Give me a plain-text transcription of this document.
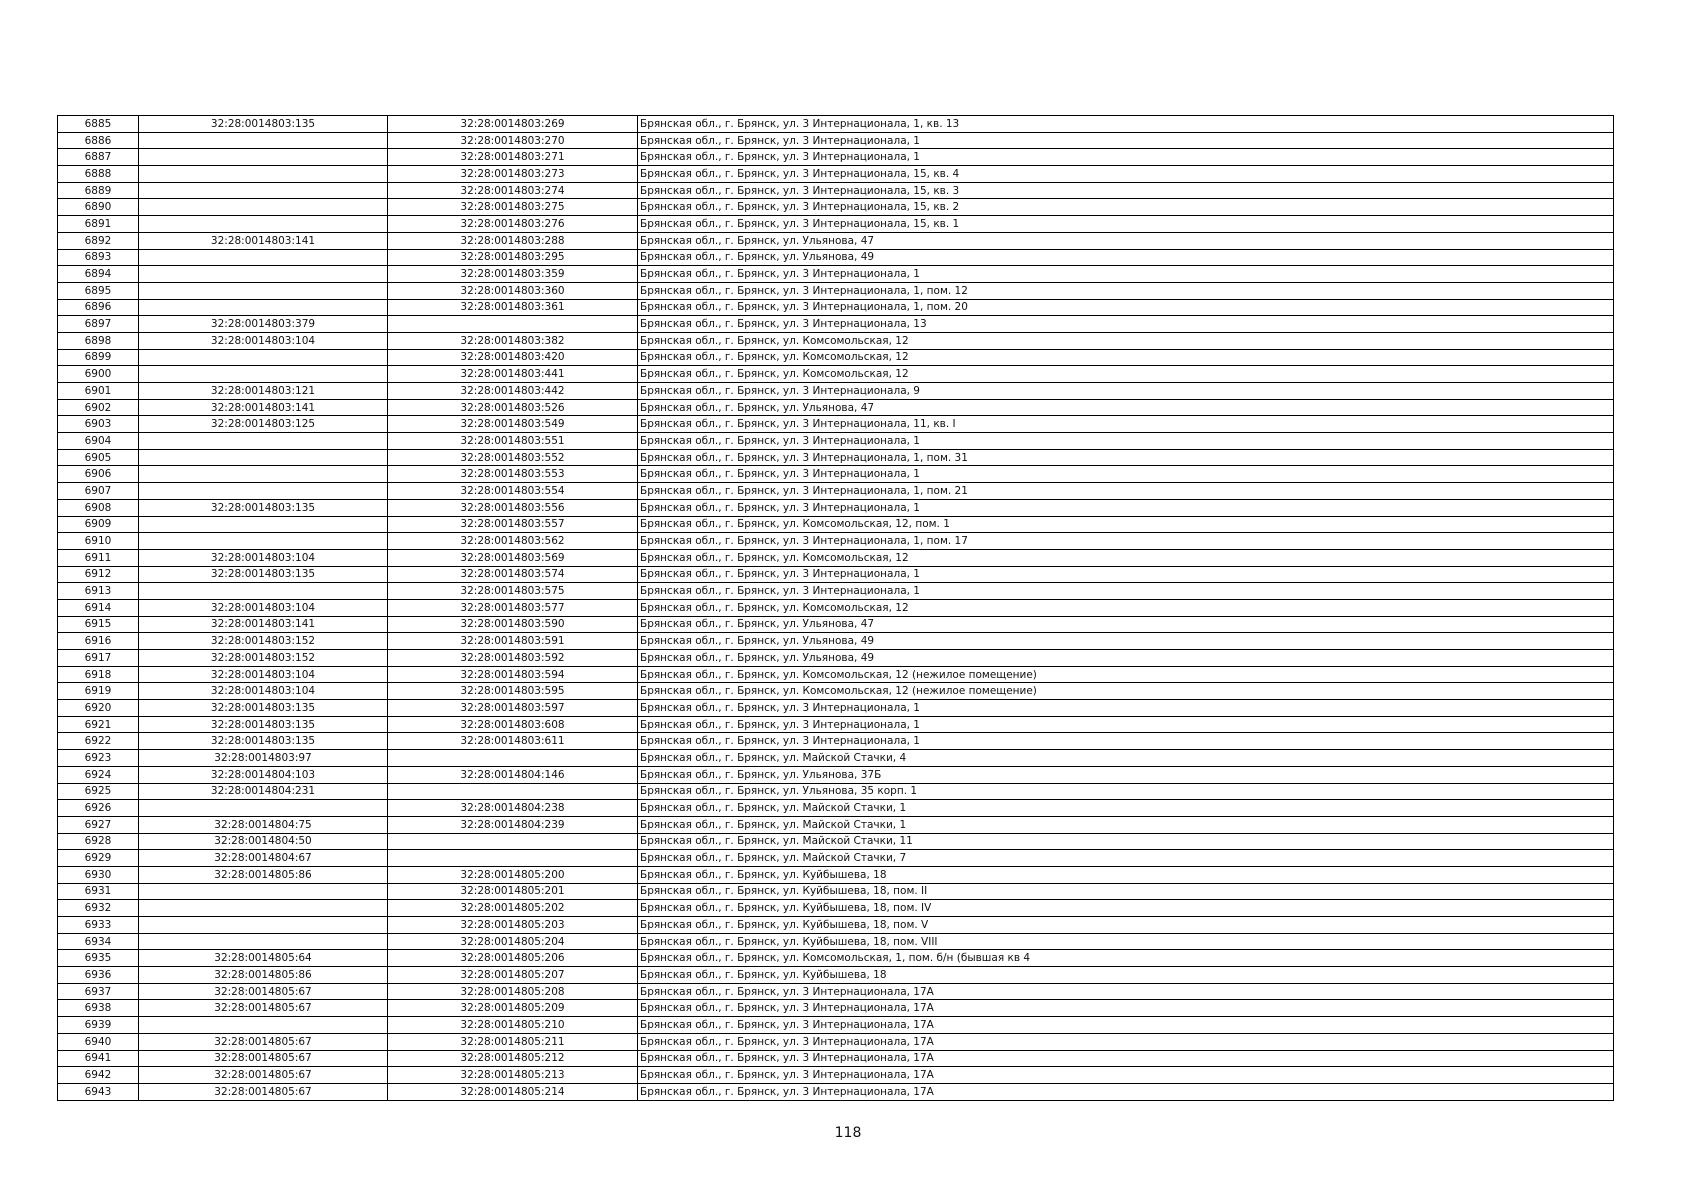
6885	32:28:0014803:135	32:28:0014803:269	Брянская обл., г. Брянск, ул. 3 Интернационала, 1, кв. 13
6886		32:28:0014803:270	Брянская обл., г. Брянск, ул. 3 Интернационала, 1
6887		32:28:0014803:271	Брянская обл., г. Брянск, ул. 3 Интернационала, 1
6888		32:28:0014803:273	Брянская обл., г. Брянск, ул. 3 Интернационала, 15, кв. 4
6889		32:28:0014803:274	Брянская обл., г. Брянск, ул. 3 Интернационала, 15, кв. 3
6890		32:28:0014803:275	Брянская обл., г. Брянск, ул. 3 Интернационала, 15, кв. 2
6891		32:28:0014803:276	Брянская обл., г. Брянск, ул. 3 Интернационала, 15, кв. 1
6892	32:28:0014803:141	32:28:0014803:288	Брянская обл., г. Брянск, ул. Ульянова, 47
6893		32:28:0014803:295	Брянская обл., г. Брянск, ул. Ульянова, 49
6894		32:28:0014803:359	Брянская обл., г. Брянск, ул. 3 Интернационала, 1
6895		32:28:0014803:360	Брянская обл., г. Брянск, ул. 3 Интернационала, 1, пом. 12
6896		32:28:0014803:361	Брянская обл., г. Брянск, ул. 3 Интернационала, 1, пом. 20
6897	32:28:0014803:379		Брянская обл., г. Брянск, ул. 3 Интернационала, 13
6898	32:28:0014803:104	32:28:0014803:382	Брянская обл., г. Брянск, ул. Комсомольская, 12
6899		32:28:0014803:420	Брянская обл., г. Брянск, ул. Комсомольская, 12
6900		32:28:0014803:441	Брянская обл., г. Брянск, ул. Комсомольская, 12
6901	32:28:0014803:121	32:28:0014803:442	Брянская обл., г. Брянск, ул. 3 Интернационала, 9
6902	32:28:0014803:141	32:28:0014803:526	Брянская обл., г. Брянск, ул. Ульянова, 47
6903	32:28:0014803:125	32:28:0014803:549	Брянская обл., г. Брянск, ул. 3 Интернационала, 11, кв. I
6904		32:28:0014803:551	Брянская обл., г. Брянск, ул. 3 Интернационала, 1
6905		32:28:0014803:552	Брянская обл., г. Брянск, ул. 3 Интернационала, 1, пом. 31
6906		32:28:0014803:553	Брянская обл., г. Брянск, ул. 3 Интернационала, 1
6907		32:28:0014803:554	Брянская обл., г. Брянск, ул. 3 Интернационала, 1, пом. 21
6908	32:28:0014803:135	32:28:0014803:556	Брянская обл., г. Брянск, ул. 3 Интернационала, 1
6909		32:28:0014803:557	Брянская обл., г. Брянск, ул. Комсомольская, 12, пом. 1
6910		32:28:0014803:562	Брянская обл., г. Брянск, ул. 3 Интернационала, 1, пом. 17
6911	32:28:0014803:104	32:28:0014803:569	Брянская обл., г. Брянск, ул. Комсомольская, 12
6912	32:28:0014803:135	32:28:0014803:574	Брянская обл., г. Брянск, ул. 3 Интернационала, 1
6913		32:28:0014803:575	Брянская обл., г. Брянск, ул. 3 Интернационала, 1
6914	32:28:0014803:104	32:28:0014803:577	Брянская обл., г. Брянск, ул. Комсомольская, 12
6915	32:28:0014803:141	32:28:0014803:590	Брянская обл., г. Брянск, ул. Ульянова, 47
6916	32:28:0014803:152	32:28:0014803:591	Брянская обл., г. Брянск, ул. Ульянова, 49
6917	32:28:0014803:152	32:28:0014803:592	Брянская обл., г. Брянск, ул. Ульянова, 49
6918	32:28:0014803:104	32:28:0014803:594	Брянская обл., г. Брянск, ул. Комсомольская, 12 (нежилое помещение)
6919	32:28:0014803:104	32:28:0014803:595	Брянская обл., г. Брянск, ул. Комсомольская, 12 (нежилое помещение)
6920	32:28:0014803:135	32:28:0014803:597	Брянская обл., г. Брянск, ул. 3 Интернационала, 1
6921	32:28:0014803:135	32:28:0014803:608	Брянская обл., г. Брянск, ул. 3 Интернационала, 1
6922	32:28:0014803:135	32:28:0014803:611	Брянская обл., г. Брянск, ул. 3 Интернационала, 1
6923	32:28:0014803:97		Брянская обл., г. Брянск, ул. Майской Стачки, 4
6924	32:28:0014804:103	32:28:0014804:146	Брянская обл., г. Брянск, ул. Ульянова, 37Б
6925	32:28:0014804:231		Брянская обл., г. Брянск, ул. Ульянова, 35 корп. 1
6926		32:28:0014804:238	Брянская обл., г. Брянск, ул. Майской Стачки, 1
6927	32:28:0014804:75	32:28:0014804:239	Брянская обл., г. Брянск, ул. Майской Стачки, 1
6928	32:28:0014804:50		Брянская обл., г. Брянск, ул. Майской Стачки, 11
6929	32:28:0014804:67		Брянская обл., г. Брянск, ул. Майской Стачки, 7
6930	32:28:0014805:86	32:28:0014805:200	Брянская обл., г. Брянск, ул. Куйбышева, 18
6931		32:28:0014805:201	Брянская обл., г. Брянск, ул. Куйбышева, 18, пом. II
6932		32:28:0014805:202	Брянская обл., г. Брянск, ул. Куйбышева, 18, пом. IV
6933		32:28:0014805:203	Брянская обл., г. Брянск, ул. Куйбышева, 18, пом. V
6934		32:28:0014805:204	Брянская обл., г. Брянск, ул. Куйбышева, 18, пом. VIII
6935	32:28:0014805:64	32:28:0014805:206	Брянская обл., г. Брянск, ул. Комсомольская, 1, пом. б/н (бывшая кв 4
6936	32:28:0014805:86	32:28:0014805:207	Брянская обл., г. Брянск, ул. Куйбышева, 18
6937	32:28:0014805:67	32:28:0014805:208	Брянская обл., г. Брянск, ул. 3 Интернационала, 17А
6938	32:28:0014805:67	32:28:0014805:209	Брянская обл., г. Брянск, ул. 3 Интернационала, 17А
6939		32:28:0014805:210	Брянская обл., г. Брянск, ул. 3 Интернационала, 17А
6940	32:28:0014805:67	32:28:0014805:211	Брянская обл., г. Брянск, ул. 3 Интернационала, 17А
6941	32:28:0014805:67	32:28:0014805:212	Брянская обл., г. Брянск, ул. 3 Интернационала, 17А
6942	32:28:0014805:67	32:28:0014805:213	Брянская обл., г. Брянск, ул. 3 Интернационала, 17А
6943	32:28:0014805:67	32:28:0014805:214	Брянская обл., г. Брянск, ул. 3 Интернационала, 17А
118
